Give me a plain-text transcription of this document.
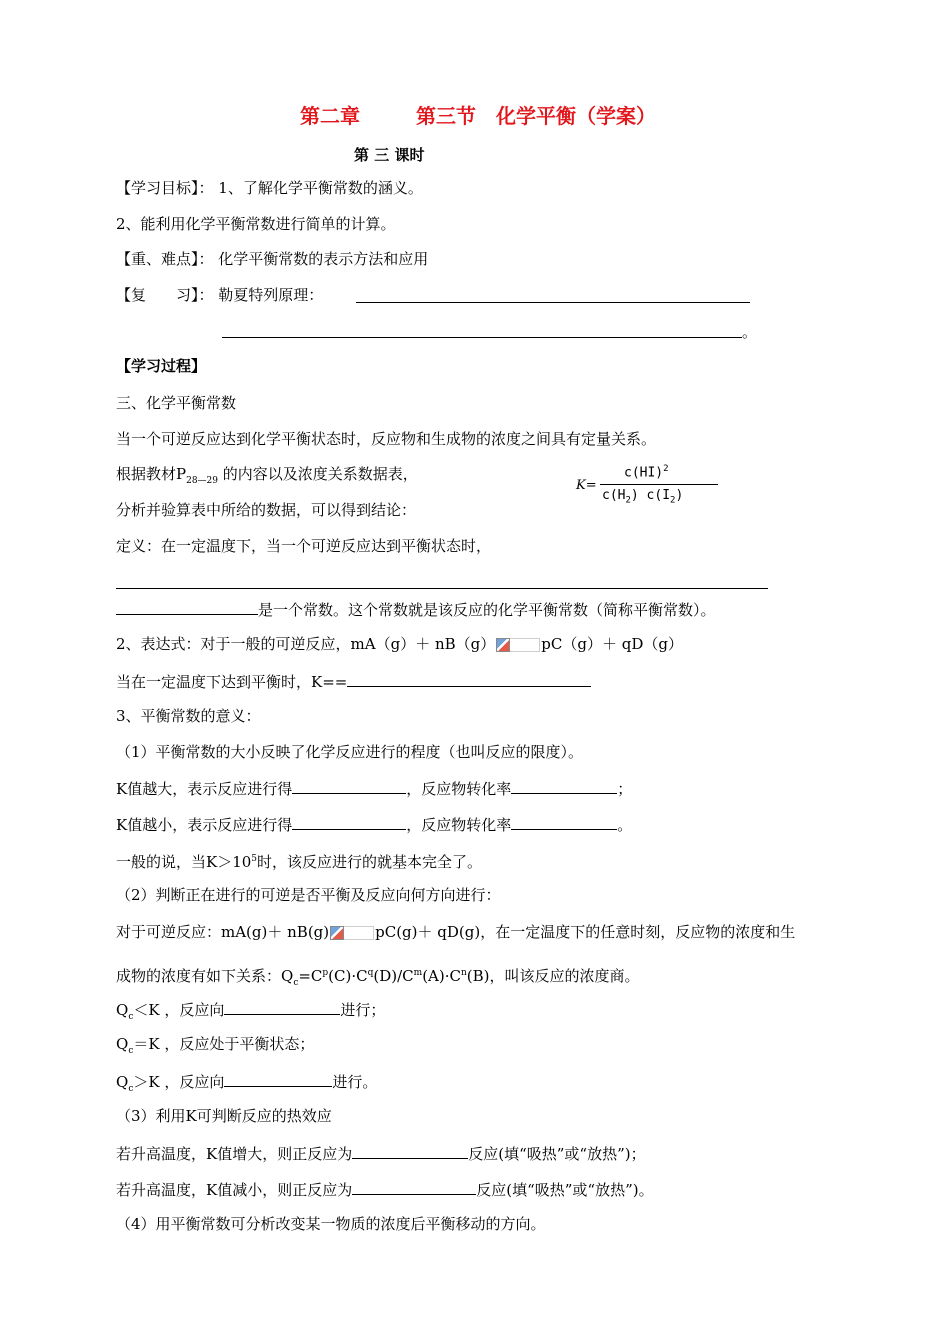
第二章	第三节 化学平衡（学案）
第 三 课时
【学习目标】： 1、了解化学平衡常数的涵义。
2、能利用化学平衡常数进行简单的计算。
【重、难点】： 化学平衡常数的表示方法和应用
【复　　习】： 勒夏特列原理：
。
【学习过程】
三、化学平衡常数
当一个可逆反应达到化学平衡状态时，反应物和生成物的浓度之间具有定量关系。
根据教材$P_{28—29}$ 的内容以及浓度关系数据表，
K=
c(HI)$^2$
$c(H_2)$ $c(I_2)$
分析并验算表中所给的数据，可以得到结论：
定义：在一定温度下，当一个可逆反应达到平衡状态时，
是一个常数。这个常数就是该反应的化学平衡常数（简称平衡常数）。
2、表达式：对于一般的可逆反应，mA（g）＋ nB（g）	pC（g）＋ qD（g）
当在一定温度下达到平衡时，K==
3、平衡常数的意义：
（1）平衡常数的大小反映了化学反应进行的程度（也叫反应的限度）。
K值越大，表示反应进行得	，反应物转化率	；
K值越小，表示反应进行得	，反应物转化率	。
一般的说，当$K>10^5$时，该反应进行的就基本完全了。
（2）判断正在进行的可逆是否平衡及反应向何方向进行：
对于可逆反应：mA(g)＋ nB(g)	pC(g)＋ qD(g)，在一定温度下的任意时刻，反应物的浓度和生
成物的浓度有如下关系：$Q_c=C^p(C)\cdot C^q(D)/C^m(A)\cdot C^n(B)$，叫该反应的浓度商。
$Q_c<K$ ，反应向	进行；
$Q_c=K$ ，反应处于平衡状态；
$Q_c>K$ ，反应向	进行。
（3）利用K可判断反应的热效应
若升高温度，K值增大，则正反应为	反应(填“吸热”或“放热”)；
若升高温度，K值减小，则正反应为	反应(填“吸热”或“放热”)。
（4）用平衡常数可分析改变某一物质的浓度后平衡移动的方向。
